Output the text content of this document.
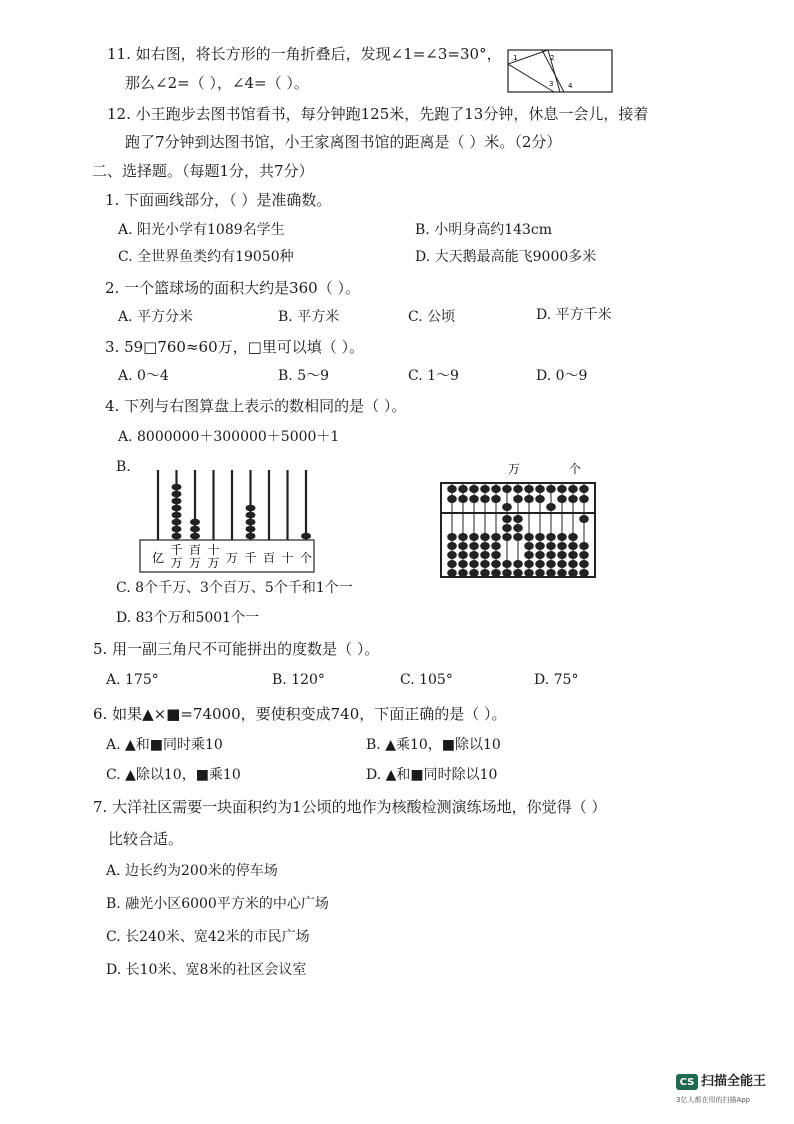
11. 如右图，将长方形的一角折叠后，发现∠1=∠3=30°，
那么∠2=（ ），∠4=（ ）。
1	2
3 4
12. 小王跑步去图书馆看书，每分钟跑125米，先跑了13分钟，休息一会儿，接着
跑了7分钟到达图书馆，小王家离图书馆的距离是（ ）米。（2分）
二、选择题。（每题1分，共7分）
1. 下面画线部分，（ ）是准确数。
A. 阳光小学有1089名学生	B. 小明身高约143cm
C. 全世界鱼类约有19050种	D. 大天鹅最高能飞9000多米
2. 一个篮球场的面积大约是360（ ）。
A. 平方分米	B. 平方米	C. 公顷	D. 平方千米
3. 59□760≈60万，□里可以填（ ）。
A. 0～4	B. 5～9	C. 1～9	D. 0～9
4. 下列与右图算盘上表示的数相同的是（ ）。
A. 8000000＋300000＋5000＋1
B.
亿
千
万
百
万
十
万 万 千 百 十 个
万	个
C. 8个千万、3个百万、5个千和1个一
D. 83个万和5001个一
5. 用一副三角尺不可能拼出的度数是（ ）。
A. 175°	B. 120°	C. 105°	D. 75°
6. 如果▲×■=74000，要使积变成740，下面正确的是（ ）。
A. ▲和■同时乘10	B. ▲乘10，■除以10
C. ▲除以10，■乘10	D. ▲和■同时除以10
7. 大洋社区需要一块面积约为1公顷的地作为核酸检测演练场地，你觉得（ ）
比较合适。
A. 边长约为200米的停车场
B. 融光小区6000平方米的中心广场
C. 长240米、宽42米的市民广场
D. 长10米、宽8米的社区会议室
CS 扫描全能王
3亿人都在用的扫描App
